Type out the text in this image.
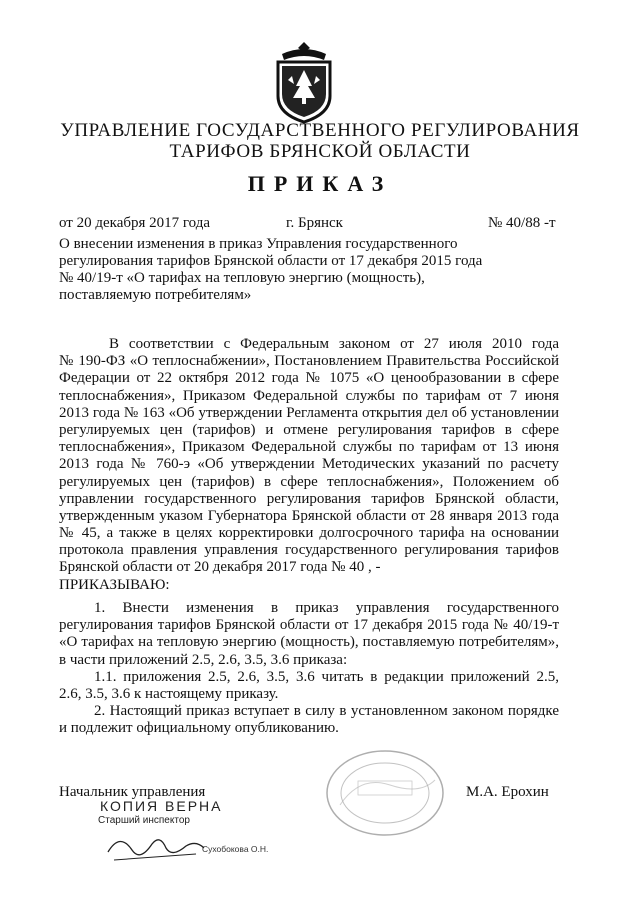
УПРАВЛЕНИЕ ГОСУДАРСТВЕННОГО РЕГУЛИРОВАНИЯ
ТАРИФОВ БРЯНСКОЙ ОБЛАСТИ
ПРИКАЗ
от 20 декабря 2017 года	г. Брянск	№ 40/88 -т
О внесении изменения в приказ Управления государственного
регулирования тарифов Брянской области от 17 декабря 2015 года
№ 40/19-т «О тарифах на тепловую энергию (мощность),
поставляемую потребителям»
В соответствии с Федеральным законом от 27 июля 2010 года
№ 190-ФЗ «О теплоснабжении», Постановлением Правительства Российской
Федерации от 22 октября 2012 года № 1075 «О ценообразовании в сфере
теплоснабжения», Приказом Федеральной службы по тарифам от 7 июня
2013 года № 163 «Об утверждении Регламента открытия дел об установлении
регулируемых цен (тарифов) и отмене регулирования тарифов в сфере
теплоснабжения», Приказом Федеральной службы по тарифам от 13 июня
2013 года № 760-э «Об утверждении Методических указаний по расчету
регулируемых цен (тарифов) в сфере теплоснабжения», Положением об
управлении государственного регулирования тарифов Брянской области,
утвержденным указом Губернатора Брянской области от 28 января 2013 года
№ 45, а также в целях корректировки долгосрочного тарифа на основании
протокола правления управления государственного регулирования тарифов
Брянской области от 20 декабря 2017 года № 40 , -
ПРИКАЗЫВАЮ:
1. Внести изменения в приказ управления государственного
регулирования тарифов Брянской области от 17 декабря 2015 года № 40/19-т
«О тарифах на тепловую энергию (мощность), поставляемую потребителям»,
в части приложений 2.5, 2.6, 3.5, 3.6 приказа:
1.1. приложения 2.5, 2.6, 3.5, 3.6 читать в редакции приложений 2.5,
2.6, 3.5, 3.6 к настоящему приказу.
2. Настоящий приказ вступает в силу в установленном законом порядке
и подлежит официальному опубликованию.
Начальник управления	М.А. Ерохин
КОПИЯ ВЕРНА
Старший инспектор
Сухобокова О.Н.
